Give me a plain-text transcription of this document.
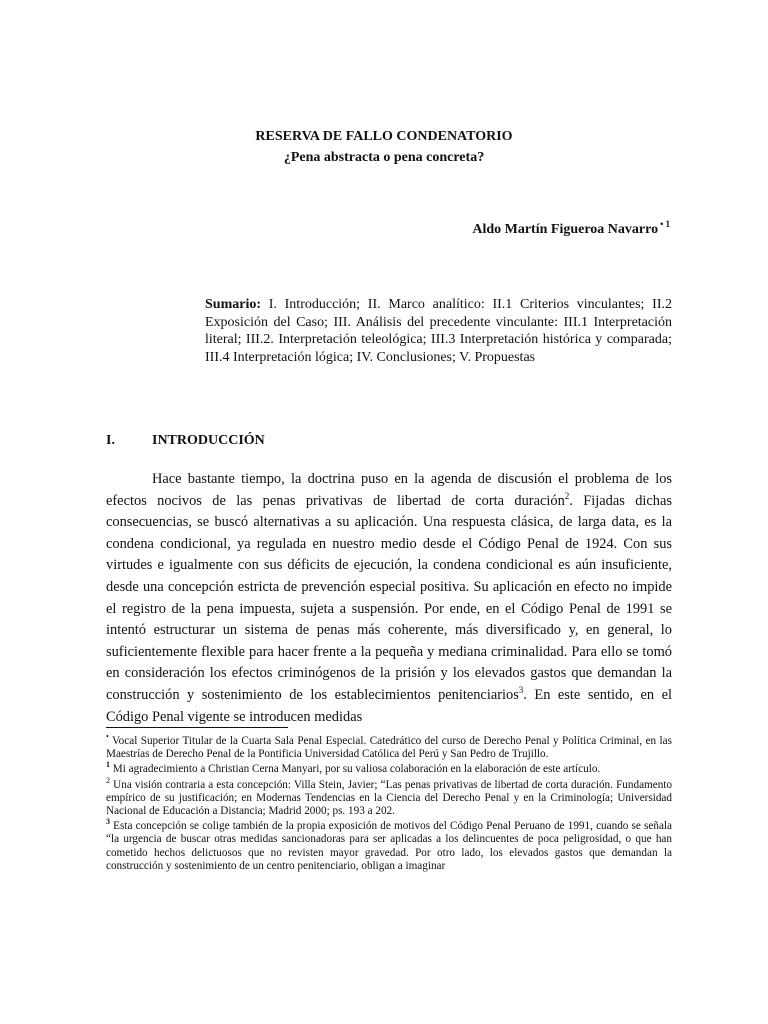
RESERVA DE FALLO CONDENATORIO
¿Pena abstracta o pena concreta?
Aldo Martín Figueroa Navarro $^{• 1}$
Sumario: I. Introducción; II. Marco analítico: II.1 Criterios vinculantes; II.2 Exposición del Caso; III. Análisis del precedente vinculante: III.1 Interpretación literal; III.2. Interpretación teleológica; III.3 Interpretación histórica y comparada; III.4 Interpretación lógica; IV. Conclusiones; V. Propuestas
I.	INTRODUCCIÓN

Hace bastante tiempo, la doctrina puso en la agenda de discusión el problema de los efectos nocivos de las penas privativas de libertad de corta duración$^2$. Fijadas dichas consecuencias, se buscó alternativas a su aplicación. Una respuesta clásica, de larga data, es la condena condicional, ya regulada en nuestro medio desde el Código Penal de 1924. Con sus virtudes e igualmente con sus déficits de ejecución, la condena condicional es aún insuficiente, desde una concepción estricta de prevención especial positiva. Su aplicación en efecto no impide el registro de la pena impuesta, sujeta a suspensión. Por ende, en el Código Penal de 1991 se intentó estructurar un sistema de penas más coherente, más diversificado y, en general, lo suficientemente flexible para hacer frente a la pequeña y mediana criminalidad. Para ello se tomó en consideración los efectos criminógenos de la prisión y los elevados gastos que demandan la construcción y sostenimiento de los establecimientos penitenciarios$^3$. En este sentido, en el Código Penal vigente se introducen medidas

• Vocal Superior Titular de la Cuarta Sala Penal Especial. Catedrático del curso de Derecho Penal y Política Criminal, en las Maestrías de Derecho Penal de la Pontificia Universidad Católica del Perú y San Pedro de Trujillo.

$^1$ Mi agradecimiento a Christian Cerna Manyari, por su valiosa colaboración en la elaboración de este artículo.

$^2$ Una visión contraria a esta concepción: Villa Stein, Javier; “Las penas privativas de libertad de corta duración. Fundamento empírico de su justificación; en Modernas Tendencias en la Ciencia del Derecho Penal y en la Criminología; Universidad Nacional de Educación a Distancia; Madrid 2000; ps. 193 a 202.

$^3$ Esta concepción se colige también de la propia exposición de motivos del Código Penal Peruano de 1991, cuando se señala “la urgencia de buscar otras medidas sancionadoras para ser aplicadas a los delincuentes de poca peligrosidad, o que han cometido hechos delictuosos que no revisten mayor gravedad. Por otro lado, los elevados gastos que demandan la construcción y sostenimiento de un centro penitenciario, obligan a imaginar
